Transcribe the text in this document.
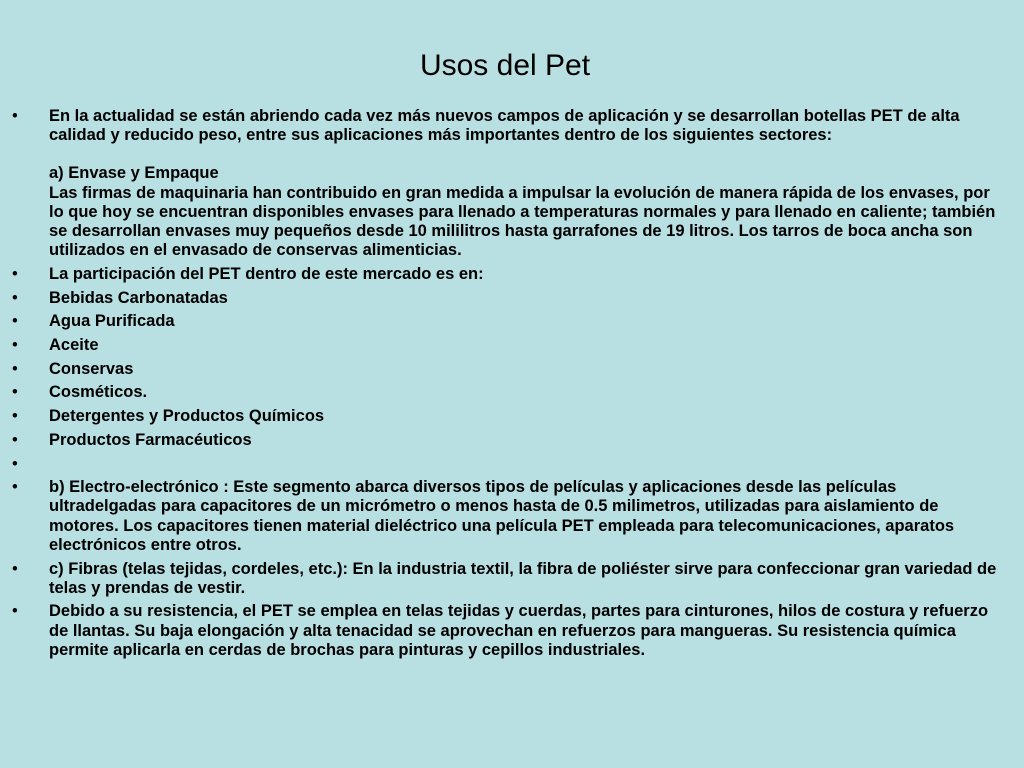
Usos del Pet
• En la actualidad se están abriendo cada vez más nuevos campos de aplicación y se desarrollan botellas PET de alta calidad y reducido peso, entre sus aplicaciones más importantes dentro de los siguientes sectores:
a) Envase y Empaque
Las firmas de maquinaria han contribuido en gran medida a impulsar la evolución de manera rápida de los envases, por lo que hoy se encuentran disponibles envases para llenado a temperaturas normales y para llenado en caliente; también se desarrollan envases muy pequeños desde 10 mililitros hasta garrafones de 19 litros. Los tarros de boca ancha son utilizados en el envasado de conservas alimenticias.
• La participación del PET dentro de este mercado es en:
• Bebidas Carbonatadas
• Agua Purificada
• Aceite
• Conservas
• Cosméticos.
• Detergentes y Productos Químicos
• Productos Farmacéuticos
•
• b) Electro-electrónico : Este segmento abarca diversos tipos de películas y aplicaciones desde las películas ultradelgadas para capacitores de un micrómetro o menos hasta de 0.5 milimetros, utilizadas para aislamiento de motores. Los capacitores tienen material dieléctrico una película PET empleada para telecomunicaciones, aparatos electrónicos entre otros.
• c) Fibras (telas tejidas, cordeles, etc.): En la industria textil, la fibra de poliéster sirve para confeccionar gran variedad de telas y prendas de vestir.
• Debido a su resistencia, el PET se emplea en telas tejidas y cuerdas, partes para cinturones, hilos de costura y refuerzo de llantas. Su baja elongación y alta tenacidad se aprovechan en refuerzos para mangueras. Su resistencia química permite aplicarla en cerdas de brochas para pinturas y cepillos industriales.
